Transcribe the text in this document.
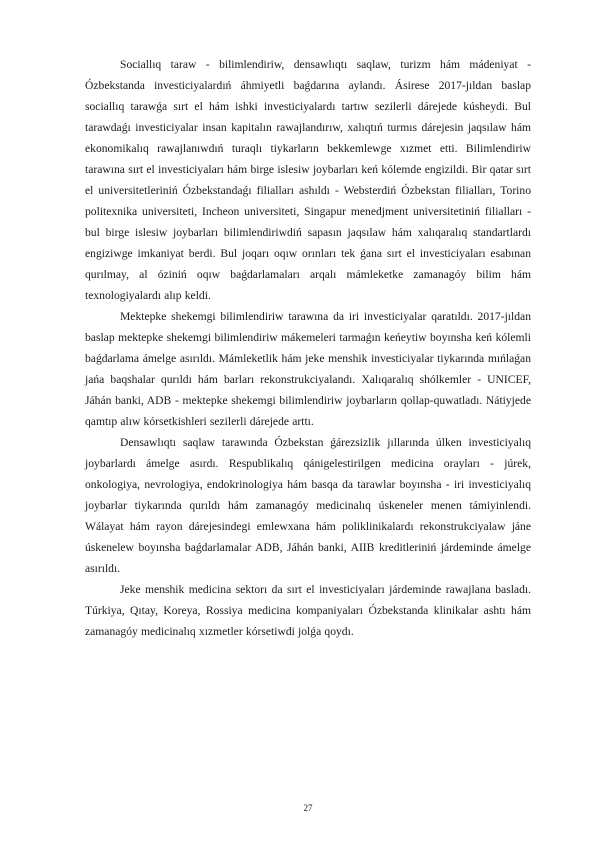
Sociallıq taraw - bilimlendiriw, densawlıqtı saqlaw, turizm hám mádeniyat - Ózbekstanda investiciyalardıń áhmiyetli baǵdarına aylandı. Ásirese 2017-jıldan baslap sociallıq tarawǵa sırt el hám ishki investiciyalardı tartıw sezilerli dárejede kúsheydi. Bul tarawdaǵı investiciyalar insan kapitalın rawajlandırıw, xalıqtıń turmıs dárejesin jaqsılaw hám ekonomikalıq rawajlanıwdıń turaqlı tiykarların bekkemlewge xızmet etti. Bilimlendiriw tarawına sırt el investiciyaları hám birge islesiw joybarları keń kólemde engizildi. Bir qatar sırt el universitetleriniń Ózbekstandaǵı filialları ashıldı - Websterdiń Ózbekstan filialları, Torino politexnika universiteti, Incheon universiteti, Singapur menedjment universitetiniń filialları - bul birge islesiw joybarları bilimlendiriwdiń sapasın jaqsılaw hám xalıqaralıq standartlardı engiziwge imkaniyat berdi. Bul joqarı oqıw orınları tek ǵana sırt el investiciyaları esabınan qurılmay, al óziniń oqıw baǵdarlamaları arqalı mámleketke zamanagóy bilim hám texnologiyalardı alıp keldi.

Mektepke shekemgi bilimlendiriw tarawına da iri investiciyalar qaratıldı. 2017-jıldan baslap mektepke shekemgi bilimlendiriw mákemeleri tarmaǵın keńeytiw boyınsha keń kólemli baǵdarlama ámelge asırıldı. Mámleketlik hám jeke menshik investiciyalar tiykarında mıńlaǵan jańa baqshalar qurıldı hám barları rekonstrukciyalandı. Xalıqaralıq shólkemler - UNICEF, Jáhán banki, ADB - mektepke shekemgi bilimlendiriw joybarların qollap-quwatladı. Nátiyjede qamtıp alıw kórsetkishleri sezilerli dárejede arttı.

Densawlıqtı saqlaw tarawında Ózbekstan ǵárezsizlik jıllarında úlken investiciyalıq joybarlardı ámelge asırdı. Respublikalıq qánigelestirilgen medicina orayları - júrek, onkologiya, nevrologiya, endokrinologiya hám basqa da tarawlar boyınsha - iri investiciyalıq joybarlar tiykarında qurıldı hám zamanagóy medicinalıq úskeneler menen támiyinlendi. Wálayat hám rayon dárejesindegi emlewxana hám poliklinikalardı rekonstrukciyalaw jáne úskenelew boyınsha baǵdarlamalar ADB, Jáhán banki, AIIB kreditleriniń járdeminde ámelge asırıldı.

Jeke menshik medicina sektorı da sırt el investiciyaları járdeminde rawajlana basladı. Túrkiya, Qıtay, Koreya, Rossiya medicina kompaniyaları Ózbekstanda klinikalar ashtı hám zamanagóy medicinalıq xızmetler kórsetiwdi jolǵa qoydı.

27
